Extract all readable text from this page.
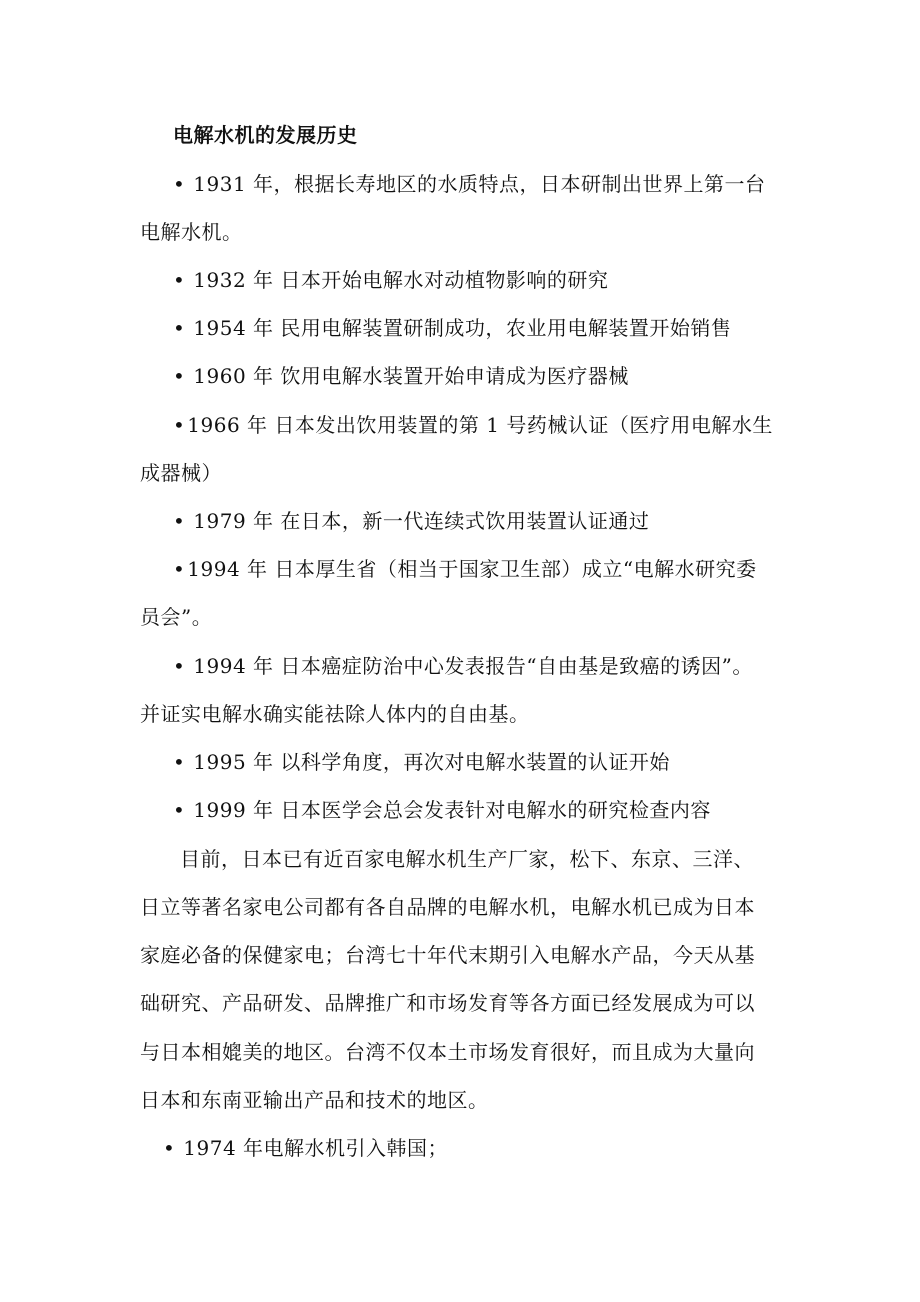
电解水机的发展历史
• 1931 年，根据长寿地区的水质特点，日本研制出世界上第一台
电解水机。
• 1932 年 日本开始电解水对动植物影响的研究
• 1954 年 民用电解装置研制成功，农业用电解装置开始销售
• 1960 年 饮用电解水装置开始申请成为医疗器械
• 1966 年 日本发出饮用装置的第 1 号药械认证（医疗用电解水生
成器械）
• 1979 年 在日本，新一代连续式饮用装置认证通过
• 1994 年 日本厚生省（相当于国家卫生部）成立“电解水研究委
员会”。
• 1994 年 日本癌症防治中心发表报告“自由基是致癌的诱因”。
并证实电解水确实能祛除人体内的自由基。
• 1995 年 以科学角度，再次对电解水装置的认证开始
• 1999 年 日本医学会总会发表针对电解水的研究检查内容
目前，日本已有近百家电解水机生产厂家，松下、东京、三洋、
日立等著名家电公司都有各自品牌的电解水机，电解水机已成为日本
家庭必备的保健家电；台湾七十年代末期引入电解水产品，今天从基
础研究、产品研发、品牌推广和市场发育等各方面已经发展成为可以
与日本相媲美的地区。台湾不仅本土市场发育很好，而且成为大量向
日本和东南亚输出产品和技术的地区。
• 1974 年电解水机引入韩国；
